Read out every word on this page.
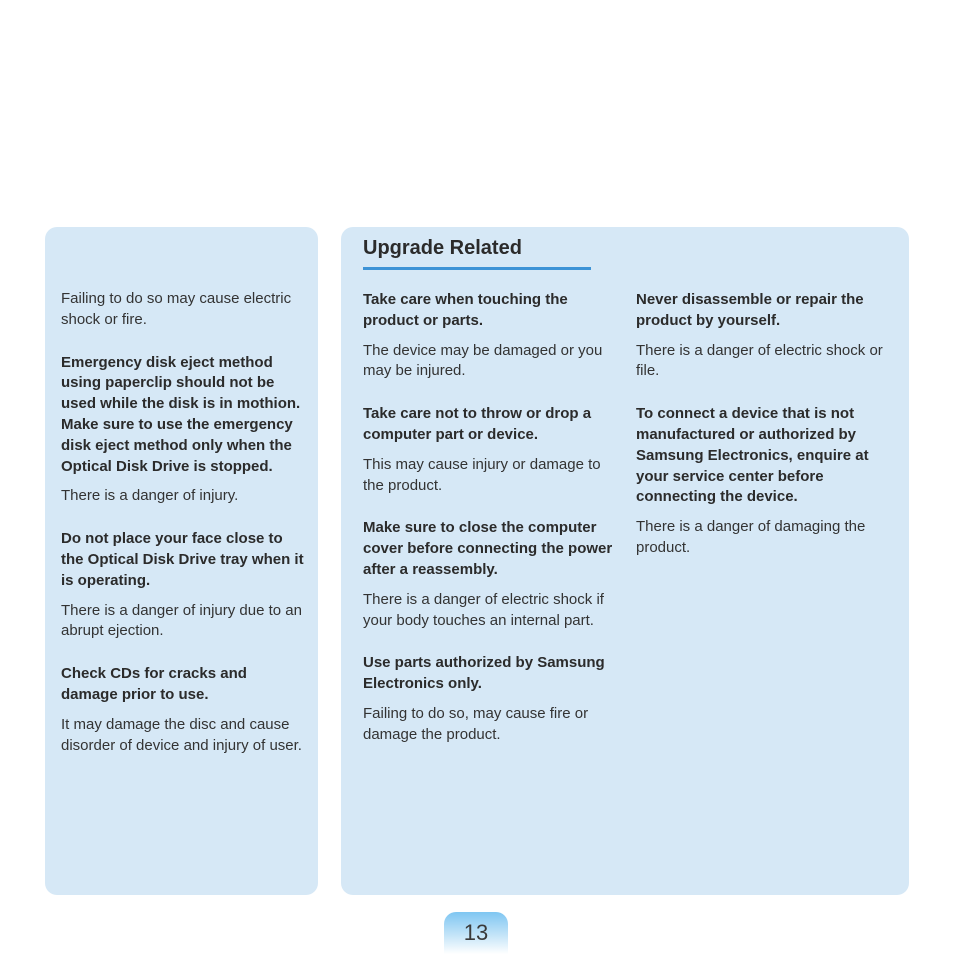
Failing to do so may cause electric shock or fire.

Emergency disk eject method using paperclip should not be used while the disk is in mothion. Make sure to use the emergency disk eject method only when the Optical Disk Drive is stopped.

There is a danger of injury.

Do not place your face close to the Optical Disk Drive tray when it is operating.

There is a danger of injury due to an abrupt ejection.

Check CDs for cracks and damage prior to use.

It may damage the disc and cause disorder of device and injury of user.

Upgrade Related

Take care when touching the product or parts.

The device may be damaged or you may be injured.

Take care not to throw or drop a computer part or device.

This may cause injury or damage to the product.

Make sure to close the computer cover before connecting the power after a reassembly.

There is a danger of electric shock if your body touches an internal part.

Use parts authorized by Samsung Electronics only.

Failing to do so, may cause fire or damage the product.

Never disassemble or repair the product by yourself.

There is a danger of electric shock or file.

To connect a device that is not manufactured or authorized by Samsung Electronics, enquire at your service center before connecting the device.

There is a danger of damaging the product.

13
